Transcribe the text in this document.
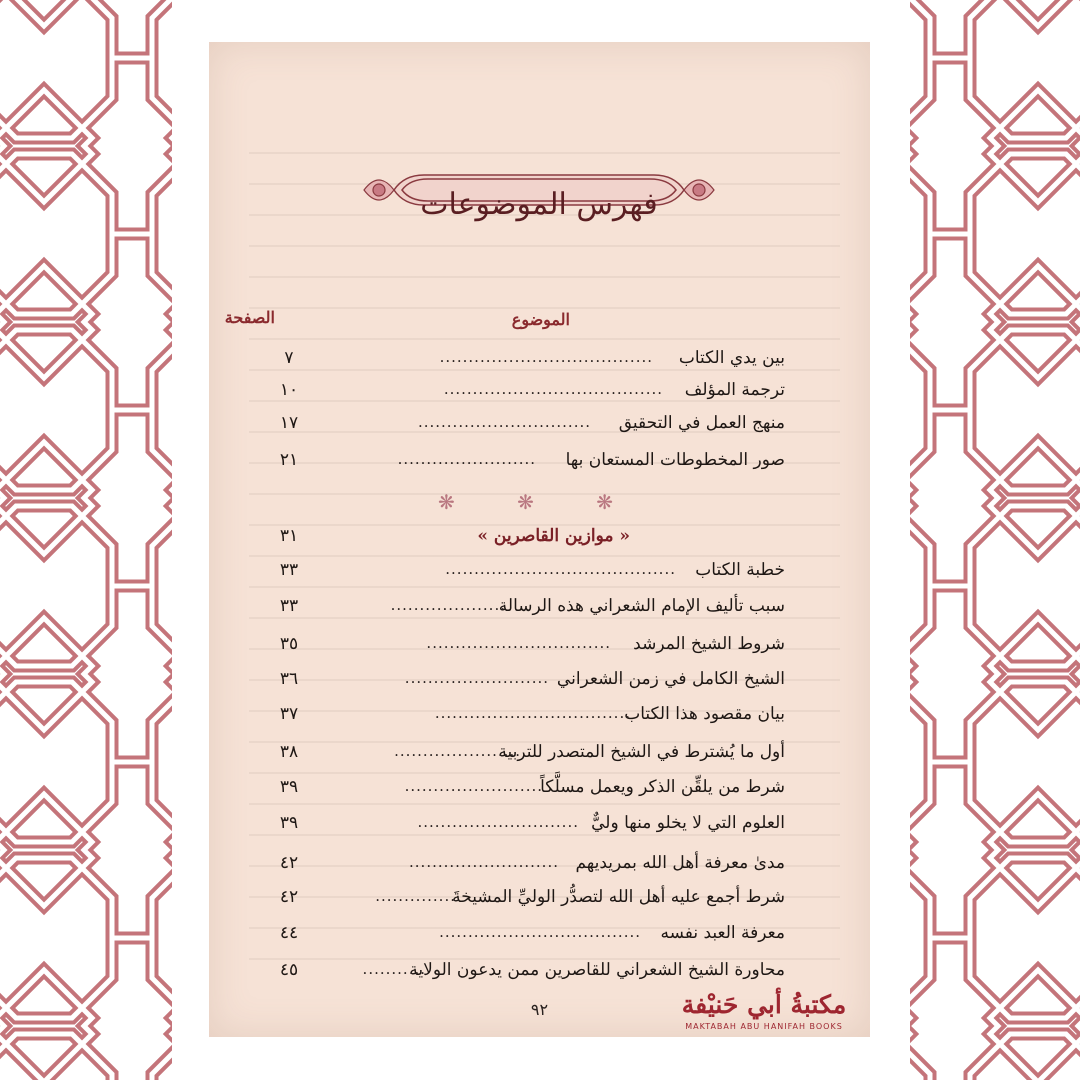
فهرس الموضوعات
الموضوع
الصفحة
بين يدي الكتاب
.....................................
٧
ترجمة المؤلف
......................................
١٠
منهج العمل في التحقيق
..............................
١٧
صور المخطوطات المستعان بها
........................
٢١
❋ ❋ ❋
« موازين القاصرين »
٣١
خطبة الكتاب
........................................
٣٣
سبب تأليف الإمام الشعراني هذه الرسالة
....................
٣٣
شروط الشيخ المرشد
................................
٣٥
الشيخ الكامل في زمن الشعراني
.........................
٣٦
بيان مقصود هذا الكتاب
..................................
٣٧
أول ما يُشترط في الشيخ المتصدر للتربية
......................
٣٨
شرط من يلقِّن الذكر ويعمل مسلَّكاً
........................
٣٩
العلوم التي لا يخلو منها وليٌّ
............................
٣٩
مدىٰ معرفة أهل الله بمريديهم
..........................
٤٢
شرط أجمع عليه أهل الله لتصدُّر الوليِّ المشيخةَ
..............
٤٢
معرفة العبد نفسه
...................................
٤٤
محاورة الشيخ الشعراني للقاصرين ممن يدعون الولاية
...........
٤٥
٩٢	مكتبةُ أبي حَنيْفة
MAKTABAH ABU HANIFAH BOOKS
